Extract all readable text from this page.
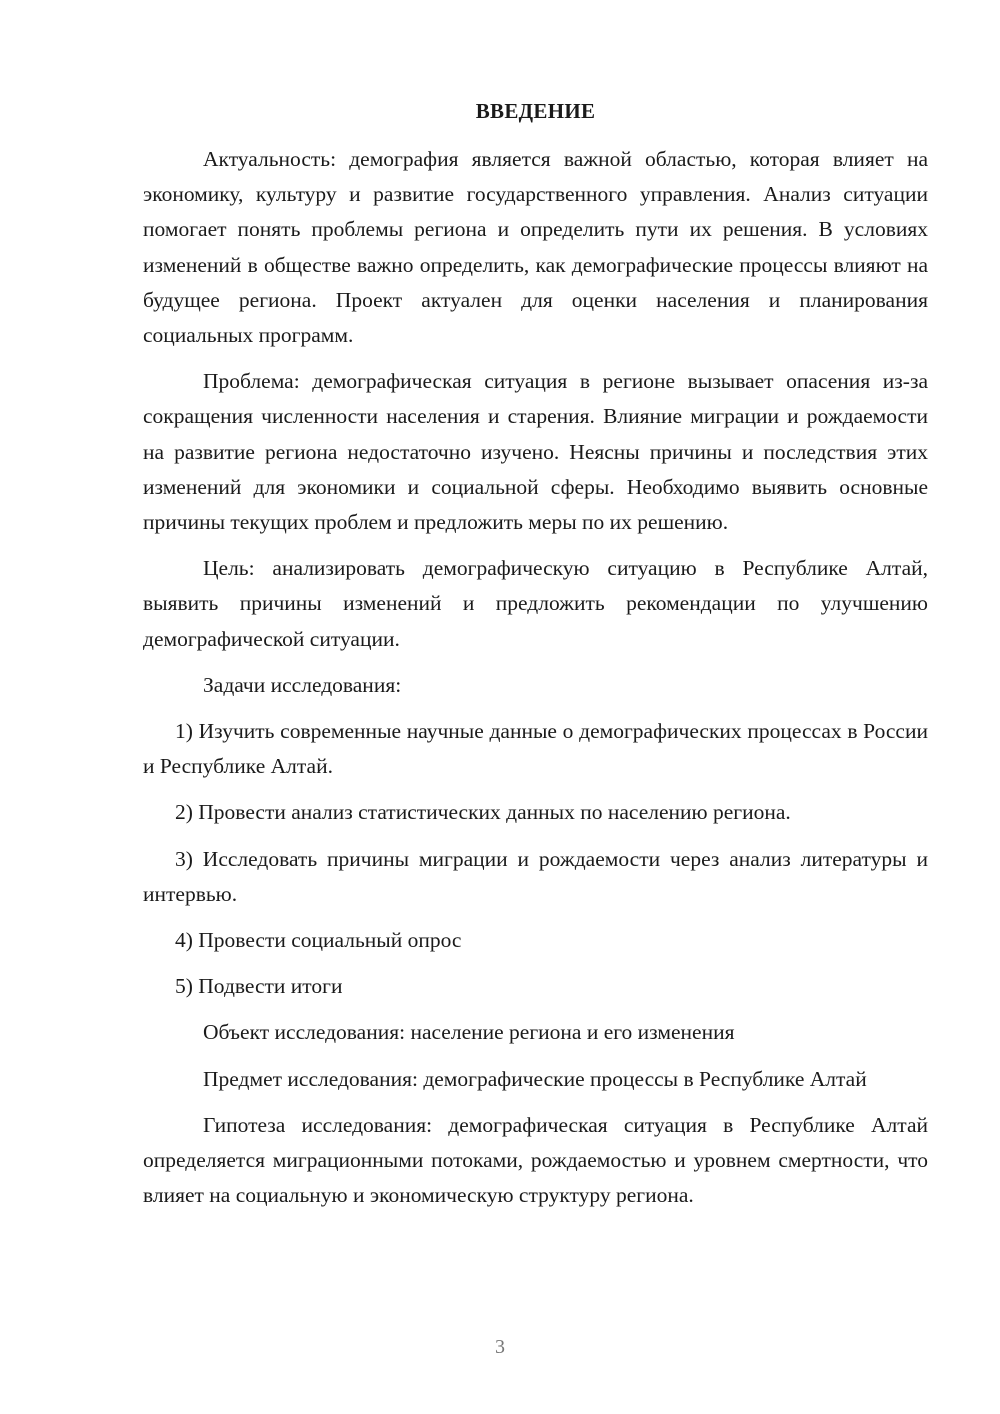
ВВЕДЕНИЕ

Актуальность: демография является важной областью, которая влияет на экономику, культуру и развитие государственного управления. Анализ ситуации помогает понять проблемы региона и определить пути их решения. В условиях изменений в обществе важно определить, как демографические процессы влияют на будущее региона. Проект актуален для оценки населения и планирования социальных программ.

Проблема: демографическая ситуация в регионе вызывает опасения из-за сокращения численности населения и старения. Влияние миграции и рождаемости на развитие региона недостаточно изучено. Неясны причины и последствия этих изменений для экономики и социальной сферы. Необходимо выявить основные причины текущих проблем и предложить меры по их решению.

Цель: анализировать демографическую ситуацию в Республике Алтай, выявить причины изменений и предложить рекомендации по улучшению демографической ситуации.

Задачи исследования:

1) Изучить современные научные данные о демографических процессах в России и Республике Алтай.

2) Провести анализ статистических данных по населению региона.

3) Исследовать причины миграции и рождаемости через анализ литературы и интервью.

4) Провести социальный опрос

5) Подвести итоги

Объект исследования: население региона и его изменения

Предмет исследования: демографические процессы в Республике Алтай

Гипотеза исследования: демографическая ситуация в Республике Алтай определяется миграционными потоками, рождаемостью и уровнем смертности, что влияет на социальную и экономическую структуру региона.

3
